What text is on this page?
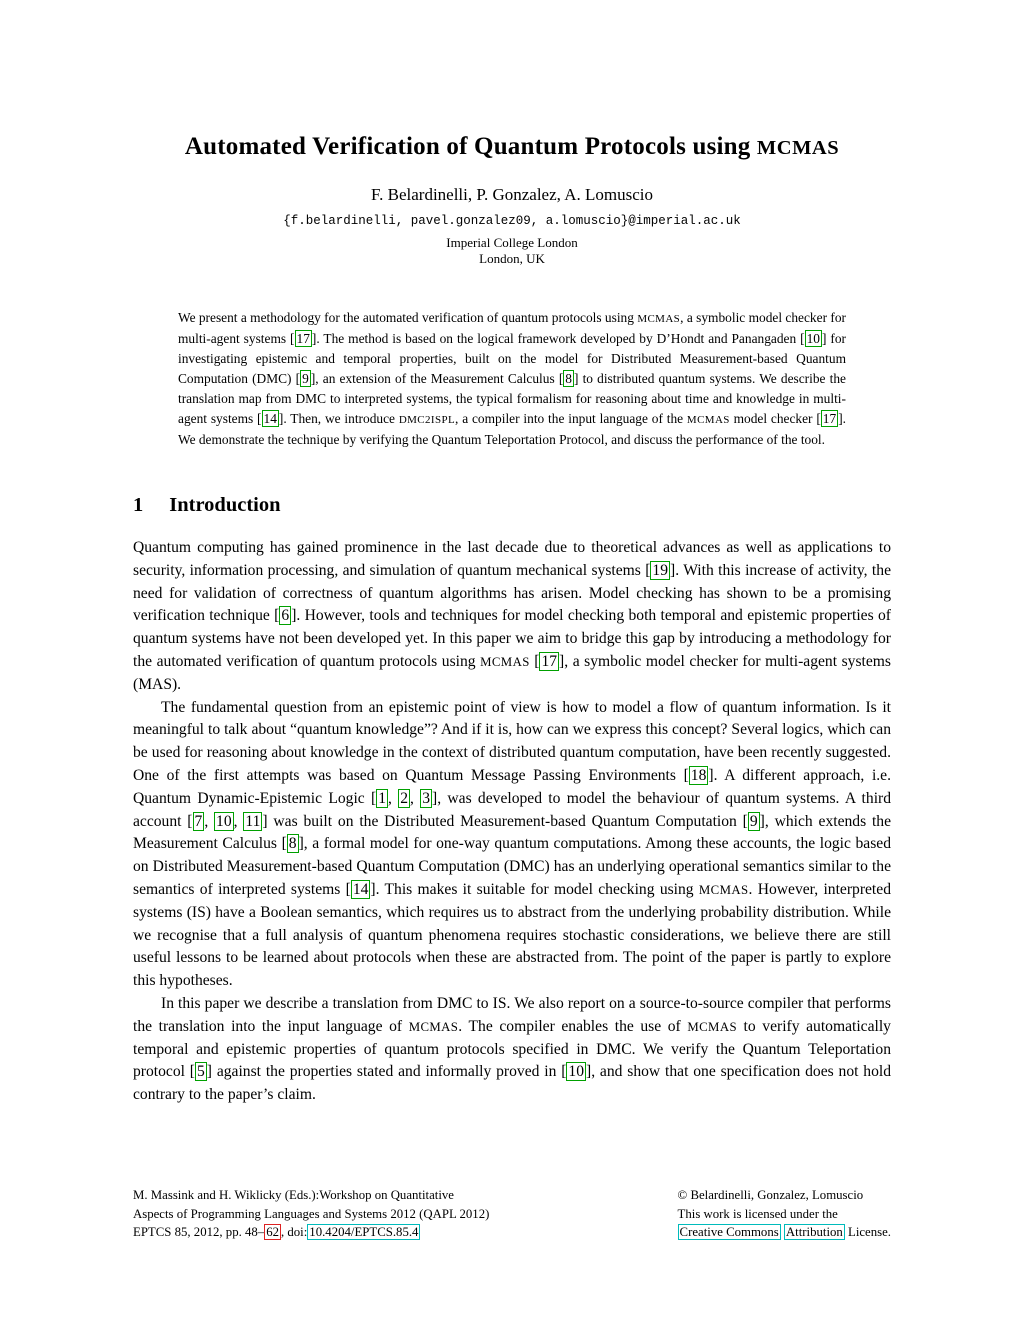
Automated Verification of Quantum Protocols using MCMAS
F. Belardinelli, P. Gonzalez, A. Lomuscio
{f.belardinelli, pavel.gonzalez09, a.lomuscio}@imperial.ac.uk
Imperial College London
London, UK
We present a methodology for the automated verification of quantum protocols using MCMAS, a symbolic model checker for multi-agent systems [ 17 ]. The method is based on the logical framework developed by D’Hondt and Panangaden [ 10 ] for investigating epistemic and temporal properties, built on the model for Distributed Measurement-based Quantum Computation (DMC) [ 9 ], an extension of the Measurement Calculus [ 8 ] to distributed quantum systems. We describe the translation map from DMC to interpreted systems, the typical formalism for reasoning about time and knowledge in multi-agent systems [ 14 ]. Then, we introduce DMC2ISPL, a compiler into the input language of the MCMAS model checker [ 17 ]. We demonstrate the technique by verifying the Quantum Teleportation Protocol, and discuss the performance of the tool.
1 Introduction

Quantum computing has gained prominence in the last decade due to theoretical advances as well as applications to security, information processing, and simulation of quantum mechanical systems [ 19 ]. With this increase of activity, the need for validation of correctness of quantum algorithms has arisen. Model checking has shown to be a promising verification technique [ 6 ]. However, tools and techniques for model checking both temporal and epistemic properties of quantum systems have not been developed yet. In this paper we aim to bridge this gap by introducing a methodology for the automated verification of quantum protocols using MCMAS [ 17 ], a symbolic model checker for multi-agent systems (MAS).

The fundamental question from an epistemic point of view is how to model a flow of quantum information. Is it meaningful to talk about “quantum knowledge”? And if it is, how can we express this concept? Several logics, which can be used for reasoning about knowledge in the context of distributed quantum computation, have been recently suggested. One of the first attempts was based on Quantum Message Passing Environments [ 18 ]. A different approach, i.e. Quantum Dynamic-Epistemic Logic [ 1 , 2 , 3 ], was developed to model the behaviour of quantum systems. A third account [ 7 , 10 , 11 ] was built on the Distributed Measurement-based Quantum Computation [ 9 ], which extends the Measurement Calculus [ 8 ], a formal model for one-way quantum computations. Among these accounts, the logic based on Distributed Measurement-based Quantum Computation (DMC) has an underlying operational semantics similar to the semantics of interpreted systems [ 14 ]. This makes it suitable for model checking using MCMAS. However, interpreted systems (IS) have a Boolean semantics, which requires us to abstract from the underlying probability distribution. While we recognise that a full analysis of quantum phenomena requires stochastic considerations, we believe there are still useful lessons to be learned about protocols when these are abstracted from. The point of the paper is partly to explore this hypotheses.

In this paper we describe a translation from DMC to IS. We also report on a source-to-source compiler that performs the translation into the input language of MCMAS. The compiler enables the use of MCMAS to verify automatically temporal and epistemic properties of quantum protocols specified in DMC. We verify the Quantum Teleportation protocol [ 5 ] against the properties stated and informally proved in [ 10 ], and show that one specification does not hold contrary to the paper’s claim.

M. Massink and H. Wiklicky (Eds.):Workshop on Quantitative
Aspects of Programming Languages and Systems 2012 (QAPL 2012)
EPTCS 85, 2012, pp. 48– 62 , doi: 10.4204/EPTCS.85.4
© Belardinelli, Gonzalez, Lomuscio
This work is licensed under the
Creative Commons Attribution License.
